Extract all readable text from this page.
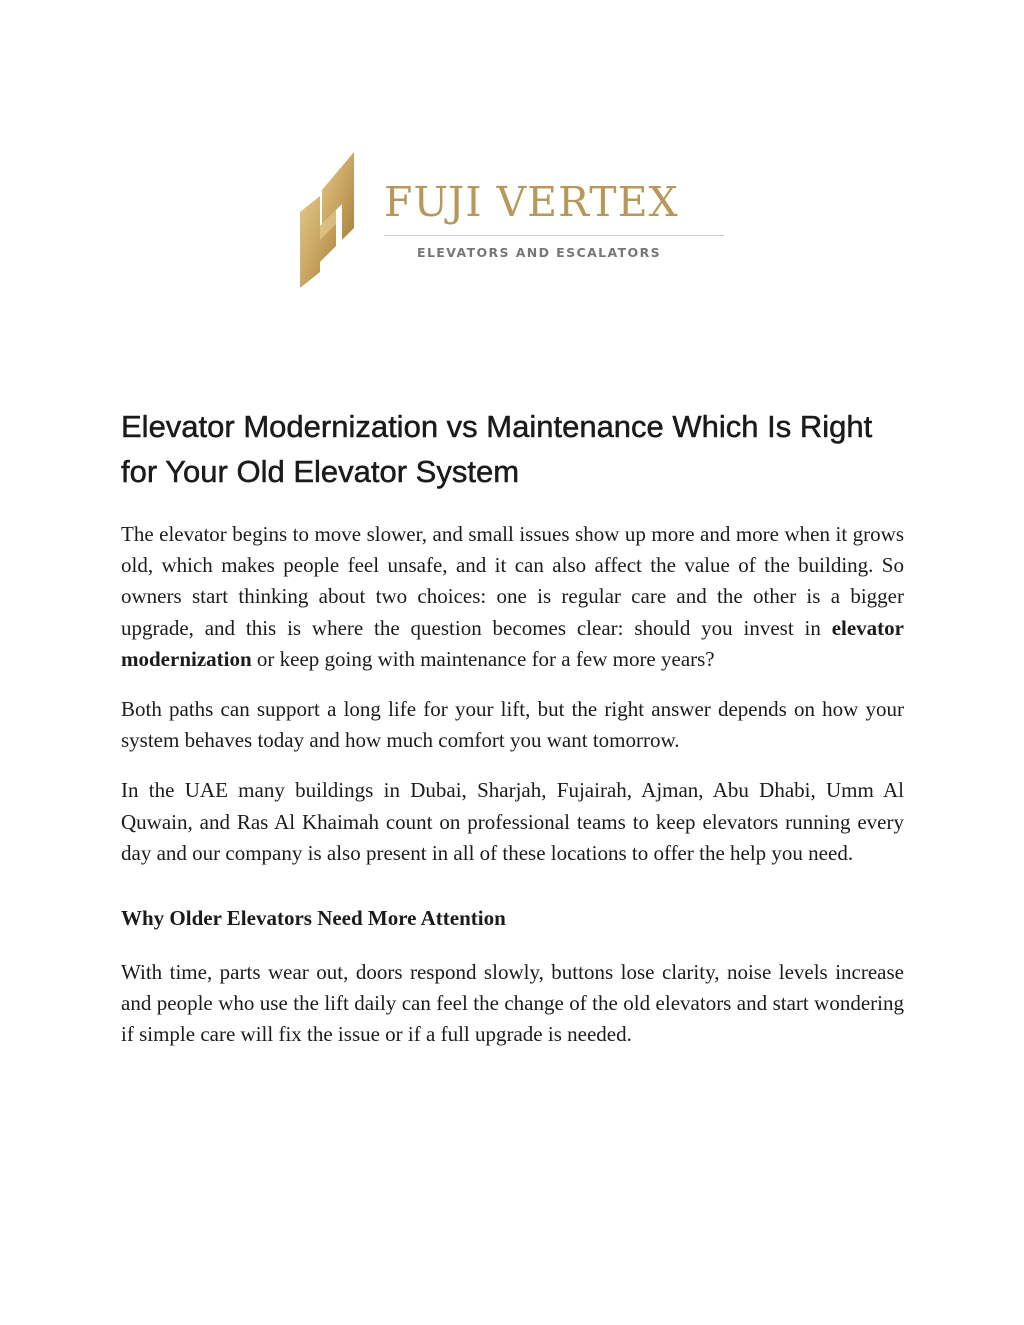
FUJI VERTEX
ELEVATORS AND ESCALATORS
Elevator Modernization vs Maintenance Which Is Right for Your Old Elevator System

The elevator begins to move slower, and small issues show up more and more when it grows old, which makes people feel unsafe, and it can also affect the value of the building. So owners start thinking about two choices: one is regular care and the other is a bigger upgrade, and this is where the question becomes clear: should you invest in elevator modernization or keep going with maintenance for a few more years?

Both paths can support a long life for your lift, but the right answer depends on how your system behaves today and how much comfort you want tomorrow.

In the UAE many buildings in Dubai, Sharjah, Fujairah, Ajman, Abu Dhabi, Umm Al Quwain, and Ras Al Khaimah count on professional teams to keep elevators running every day and our company is also present in all of these locations to offer the help you need.

Why Older Elevators Need More Attention

With time, parts wear out, doors respond slowly, buttons lose clarity, noise levels increase and people who use the lift daily can feel the change of the old elevators and start wondering if simple care will fix the issue or if a full upgrade is needed.
